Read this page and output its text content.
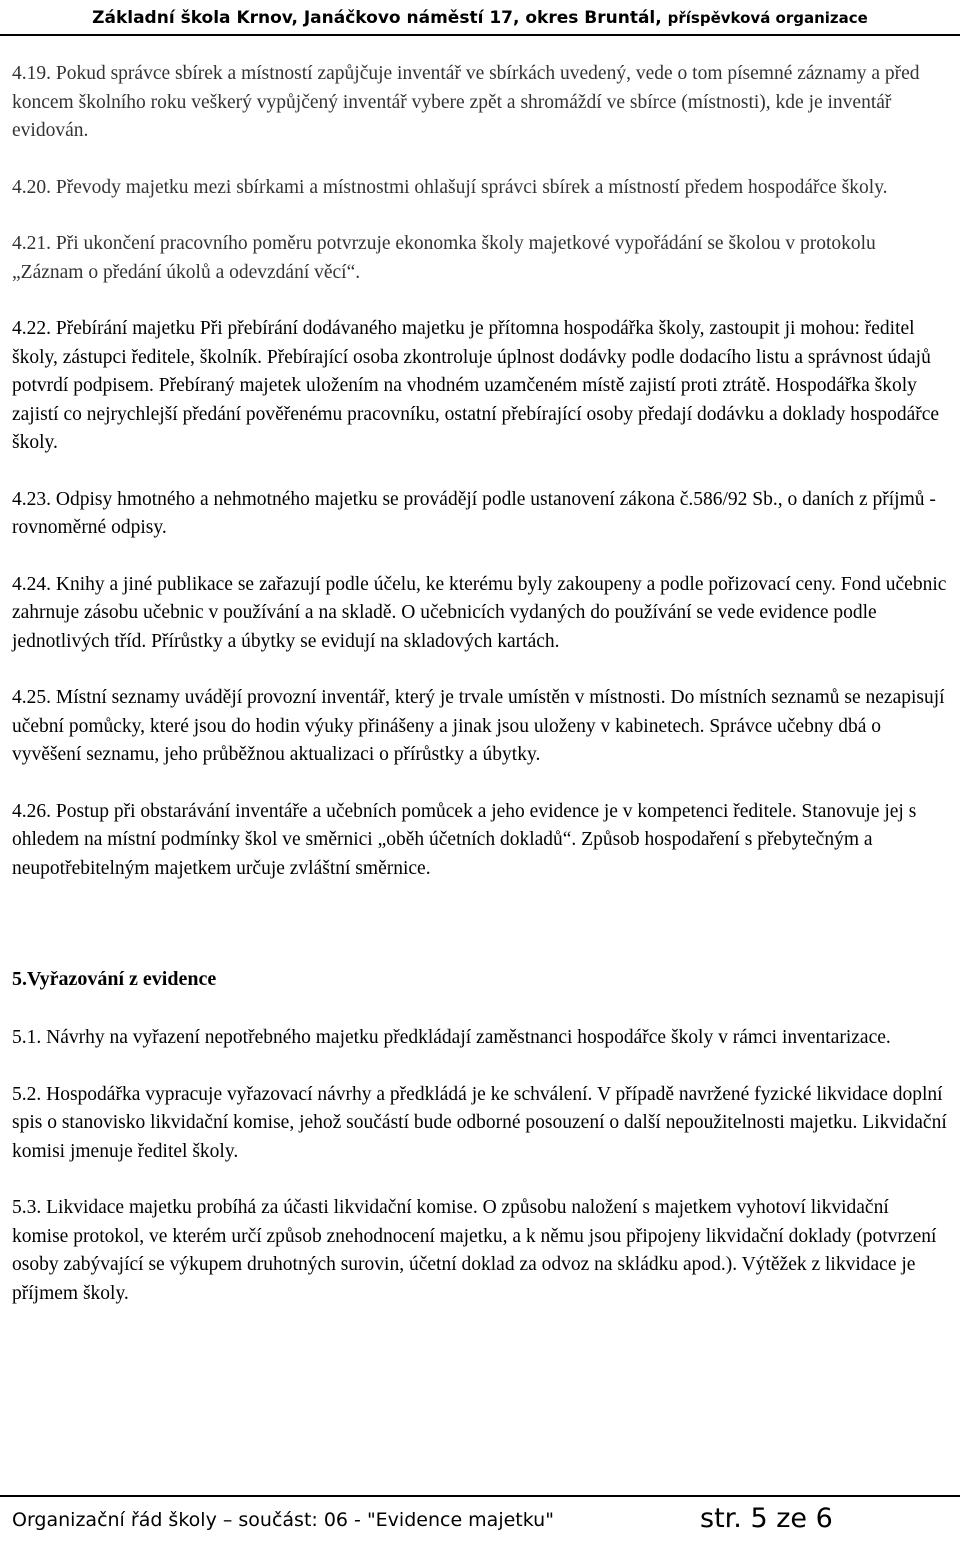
Základní škola Krnov, Janáčkovo náměstí 17, okres Bruntál, příspěvková organizace

4.19. Pokud správce sbírek a místností zapůjčuje inventář ve sbírkách uvedený, vede o tom písemné záznamy a před koncem školního roku veškerý vypůjčený inventář vybere zpět a shromáždí ve sbírce (místnosti), kde je inventář evidován.

4.20. Převody majetku mezi sbírkami a místnostmi ohlašují správci sbírek a místností předem hospodářce školy.

4.21. Při ukončení pracovního poměru potvrzuje ekonomka školy majetkové vypořádání se školou v protokolu „Záznam o předání úkolů a odevzdání věcí“.

4.22. Přebírání majetku Při přebírání dodávaného majetku je přítomna hospodářka školy, zastoupit ji mohou: ředitel školy, zástupci ředitele, školník. Přebírající osoba zkontroluje úplnost dodávky podle dodacího listu a správnost údajů potvrdí podpisem. Přebíraný majetek uložením na vhodném uzamčeném místě zajistí proti ztrátě. Hospodářka školy zajistí co nejrychlejší předání pověřenému pracovníku, ostatní přebírající osoby předají dodávku a doklady hospodářce školy.

4.23. Odpisy hmotného a nehmotného majetku se provádějí podle ustanovení zákona č.586/92 Sb., o daních z příjmů - rovnoměrné odpisy.

4.24. Knihy a jiné publikace se zařazují podle účelu, ke kterému byly zakoupeny a podle pořizovací ceny. Fond učebnic zahrnuje zásobu učebnic v používání a na skladě. O učebnicích vydaných do používání se vede evidence podle jednotlivých tříd. Přírůstky a úbytky se evidují na skladových kartách.

4.25. Místní seznamy uvádějí provozní inventář, který je trvale umístěn v místnosti. Do místních seznamů se nezapisují učební pomůcky, které jsou do hodin výuky přinášeny a jinak jsou uloženy v kabinetech. Správce učebny dbá o vyvěšení seznamu, jeho průběžnou aktualizaci o přírůstky a úbytky.

4.26. Postup při obstarávání inventáře a učebních pomůcek a jeho evidence je v kompetenci ředitele. Stanovuje jej s ohledem na místní podmínky škol ve směrnici „oběh účetních dokladů“. Způsob hospodaření s přebytečným a neupotřebitelným majetkem určuje zvláštní směrnice.

5.Vyřazování z evidence

5.1. Návrhy na vyřazení nepotřebného majetku předkládají zaměstnanci hospodářce školy v rámci inventarizace.

5.2. Hospodářka vypracuje vyřazovací návrhy a předkládá je ke schválení. V případě navržené fyzické likvidace doplní spis o stanovisko likvidační komise, jehož součástí bude odborné posouzení o další nepoužitelnosti majetku. Likvidační komisi jmenuje ředitel školy.

5.3. Likvidace majetku probíhá za účasti likvidační komise. O způsobu naložení s majetkem vyhotoví likvidační komise protokol, ve kterém určí způsob znehodnocení majetku, a k němu jsou připojeny likvidační doklady (potvrzení osoby zabývající se výkupem druhotných surovin, účetní doklad za odvoz na skládku apod.). Výtěžek z likvidace je příjmem školy.

Organizační řád školy – součást: 06 - "Evidence majetku"	str. 5 ze 6
